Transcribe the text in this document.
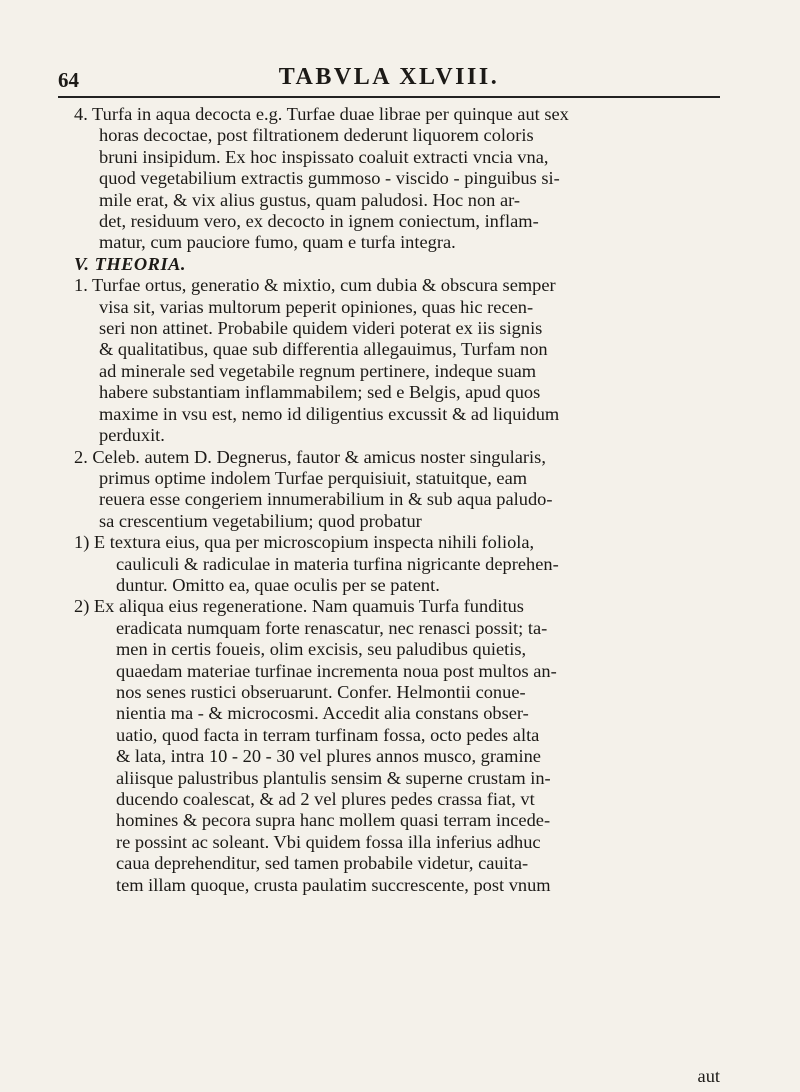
64	TABVLA XLVIII.
4. Turfa in aqua decocta e.g. Turfae duae librae per quinque aut sex
horas decoctae, post filtrationem dederunt liquorem coloris
bruni insipidum. Ex hoc inspissato coaluit extracti vncia vna,
quod vegetabilium extractis gummoso - viscido - pinguibus si-
mile erat, & vix alius gustus, quam paludosi. Hoc non ar-
det, residuum vero, ex decocto in ignem coniectum, inflam-
matur, cum pauciore fumo, quam e turfa integra.
V. THEORIA.
1. Turfae ortus, generatio & mixtio, cum dubia & obscura semper
visa sit, varias multorum peperit opiniones, quas hic recen-
seri non attinet. Probabile quidem videri poterat ex iis signis
& qualitatibus, quae sub differentia allegauimus, Turfam non
ad minerale sed vegetabile regnum pertinere, indeque suam
habere substantiam inflammabilem; sed e Belgis, apud quos
maxime in vsu est, nemo id diligentius excussit & ad liquidum
perduxit.
2. Celeb. autem D. Degnerus, fautor & amicus noster singularis,
primus optime indolem Turfae perquisiuit, statuitque, eam
reuera esse congeriem innumerabilium in & sub aqua paludo-
sa crescentium vegetabilium; quod probatur
1) E textura eius, qua per microscopium inspecta nihili foliola,
cauliculi & radiculae in materia turfina nigricante deprehen-
duntur. Omitto ea, quae oculis per se patent.
2) Ex aliqua eius regeneratione. Nam quamuis Turfa funditus
eradicata numquam forte renascatur, nec renasci possit; ta-
men in certis foueis, olim excisis, seu paludibus quietis,
quaedam materiae turfinae incrementa noua post multos an-
nos senes rustici obseruarunt. Confer. Helmontii conue-
nientia ma - & microcosmi. Accedit alia constans obser-
uatio, quod facta in terram turfinam fossa, octo pedes alta
& lata, intra 10 - 20 - 30 vel plures annos musco, gramine
aliisque palustribus plantulis sensim & superne crustam in-
ducendo coalescat, & ad 2 vel plures pedes crassa fiat, vt
homines & pecora supra hanc mollem quasi terram incede-
re possint ac soleant. Vbi quidem fossa illa inferius adhuc
caua deprehenditur, sed tamen probabile videtur, cauita-
tem illam quoque, crusta paulatim succrescente, post vnum
aut
